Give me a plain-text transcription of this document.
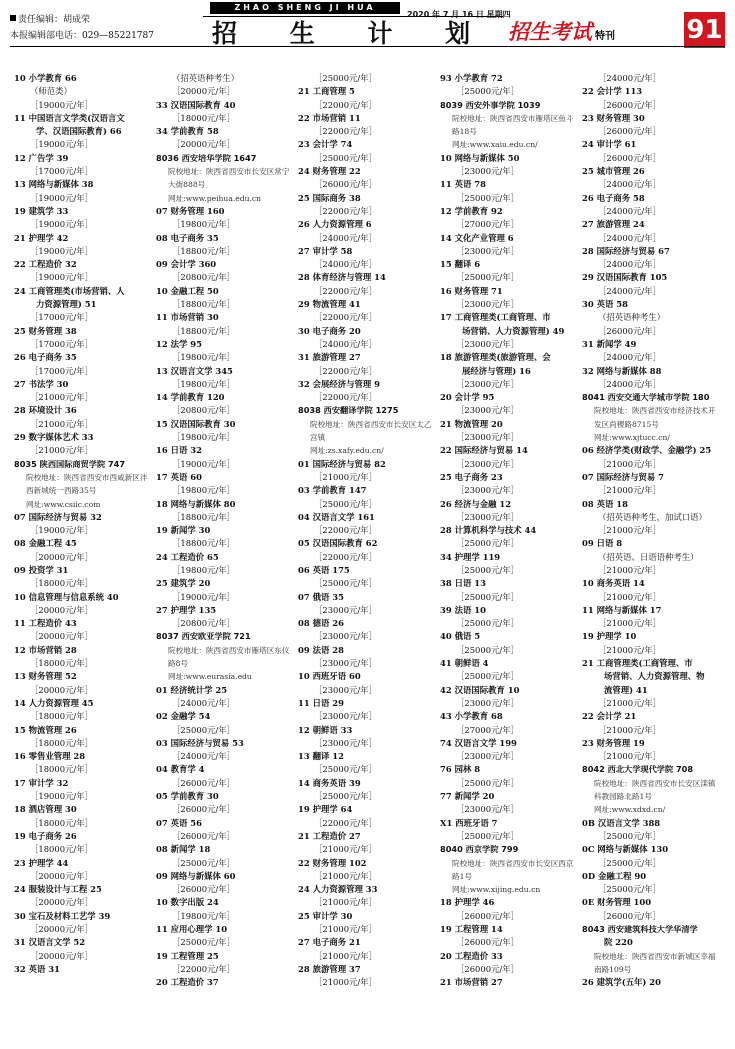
责任编辑：胡成荣
本报编辑部电话：029—85221787
ZHAO SHENG JI HUA
招 生 计 划
2020 年 7 月 16 日 星期四
招生考试 特刊	91
10 小学教育 66
（师范类）
［19000元/年］
11 中国语言文学类(汉语言文
学、汉语国际教育) 66
［19000元/年］
12 广告学 39
［17000元/年］
13 网络与新媒体 38
［19000元/年］
19 建筑学 33
［19000元/年］
21 护理学 42
［19000元/年］
22 工程造价 32
［19000元/年］
24 工商管理类(市场营销、人
力资源管理) 51
［17000元/年］
25 财务管理 38
［17000元/年］
26 电子商务 35
［17000元/年］
27 书法学 30
［21000元/年］
28 环境设计 36
［21000元/年］
29 数字媒体艺术 33
［21000元/年］
8035 陕西国际商贸学院 747
院校地址：陕西省西安市西咸新区沣西新城统一西路35号
网址:www.csiic.com
07 国际经济与贸易 32
［19000元/年］
08 金融工程 45
［20000元/年］
09 投资学 31
［18000元/年］
10 信息管理与信息系统 40
［20000元/年］
11 工程造价 43
［20000元/年］
12 市场营销 28
［18000元/年］
13 财务管理 52
［20000元/年］
14 人力资源管理 45
［18000元/年］
15 物流管理 26
［18000元/年］
16 零售业管理 28
［18000元/年］
17 审计学 32
［19000元/年］
18 酒店管理 30
［18000元/年］
19 电子商务 26
［18000元/年］
23 护理学 44
［20000元/年］
24 服装设计与工程 25
［20000元/年］
30 宝石及材料工艺学 39
［20000元/年］
31 汉语言文学 52
［20000元/年］
32 英语 31
（招英语种考生）
［20000元/年］
33 汉语国际教育 40
［18000元/年］
34 学前教育 58
［20000元/年］
8036 西安培华学院 1647
院校地址：陕西省西安市长安区常宁大街888号
网址:www.peihua.edu.cn
07 财务管理 160
［19800元/年］
08 电子商务 35
［18800元/年］
09 会计学 360
［20800元/年］
10 金融工程 50
［18800元/年］
11 市场营销 30
［18800元/年］
12 法学 95
［19800元/年］
13 汉语言文学 345
［19800元/年］
14 学前教育 120
［20800元/年］
15 汉语国际教育 30
［19800元/年］
16 日语 32
［19000元/年］
17 英语 60
［19800元/年］
18 网络与新媒体 80
［18800元/年］
19 新闻学 30
［18800元/年］
24 工程造价 65
［19800元/年］
25 建筑学 20
［19000元/年］
27 护理学 135
［20800元/年］
8037 西安欧亚学院 721
院校地址：陕西省西安市雁塔区东仪路8号
网址:www.eurasia.edu
01 经济统计学 25
［24000元/年］
02 金融学 54
［25000元/年］
03 国际经济与贸易 53
［24000元/年］
04 教育学 4
［26000元/年］
05 学前教育 30
［26000元/年］
07 英语 56
［26000元/年］
08 新闻学 18
［25000元/年］
09 网络与新媒体 60
［26000元/年］
10 数字出版 24
［19800元/年］
11 应用心理学 10
［25000元/年］
19 工程管理 25
［22000元/年］
20 工程造价 37
［25000元/年］
21 工商管理 5
［22000元/年］
22 市场营销 11
［22000元/年］
23 会计学 74
［25000元/年］
24 财务管理 22
［26000元/年］
25 国际商务 38
［22000元/年］
26 人力资源管理 6
［24000元/年］
27 审计学 58
［24000元/年］
28 体育经济与管理 14
［22000元/年］
29 物流管理 41
［22000元/年］
30 电子商务 20
［24000元/年］
31 旅游管理 27
［22000元/年］
32 会展经济与管理 9
［22000元/年］
8038 西安翻译学院 1275
院校地址：陕西省西安市长安区太乙宫镇
网址:zs.xafy.edu.cn/
01 国际经济与贸易 82
［21000元/年］
03 学前教育 147
［25000元/年］
04 汉语言文学 161
［22000元/年］
05 汉语国际教育 62
［22000元/年］
06 英语 175
［25000元/年］
07 俄语 35
［23000元/年］
08 德语 26
［23000元/年］
09 法语 28
［23000元/年］
10 西班牙语 60
［23000元/年］
11 日语 29
［23000元/年］
12 朝鲜语 33
［23000元/年］
13 翻译 12
［25000元/年］
14 商务英语 39
［25000元/年］
19 护理学 64
［22000元/年］
21 工程造价 27
［21000元/年］
22 财务管理 102
［21000元/年］
24 人力资源管理 33
［21000元/年］
25 审计学 30
［21000元/年］
27 电子商务 21
［21000元/年］
28 旅游管理 37
［21000元/年］
93 小学教育 72
［25000元/年］
8039 西安外事学院 1039
院校地址：陕西省西安市雁塔区鱼斗路18号
网址:www.xaiu.edu.cn/
10 网络与新媒体 50
［23000元/年］
11 英语 78
［25000元/年］
12 学前教育 92
［27000元/年］
14 文化产业管理 6
［23000元/年］
15 翻译 6
［25000元/年］
16 财务管理 71
［23000元/年］
17 工商管理类(工商管理、市
场营销、人力资源管理) 49
［23000元/年］
18 旅游管理类(旅游管理、会
展经济与管理) 16
［23000元/年］
20 会计学 95
［23000元/年］
21 物流管理 20
［23000元/年］
22 国际经济与贸易 14
［23000元/年］
25 电子商务 23
［23000元/年］
26 经济与金融 12
［23000元/年］
28 计算机科学与技术 44
［25000元/年］
34 护理学 119
［25000元/年］
38 日语 13
［25000元/年］
39 法语 10
［25000元/年］
40 俄语 5
［25000元/年］
41 朝鲜语 4
［25000元/年］
42 汉语国际教育 10
［23000元/年］
43 小学教育 68
［27000元/年］
74 汉语言文学 199
［23000元/年］
76 园林 8
［25000元/年］
77 新闻学 20
［23000元/年］
X1 西班牙语 7
［25000元/年］
8040 西京学院 799
院校地址：陕西省西安市长安区西京路1号
网址:www.xijing.edu.cn
18 护理学 46
［26000元/年］
19 工程管理 14
［26000元/年］
20 工程造价 33
［26000元/年］
21 市场营销 27
［24000元/年］
22 会计学 113
［26000元/年］
23 财务管理 30
［26000元/年］
24 审计学 61
［26000元/年］
25 城市管理 26
［24000元/年］
26 电子商务 58
［24000元/年］
27 旅游管理 24
［24000元/年］
28 国际经济与贸易 67
［24000元/年］
29 汉语国际教育 105
［24000元/年］
30 英语 58
（招英语种考生）
［26000元/年］
31 新闻学 49
［24000元/年］
32 网络与新媒体 88
［24000元/年］
8041 西安交通大学城市学院 180
院校地址：陕西省西安市经济技术开发区尚稷路8715号
网址:www.xjtucc.cn/
06 经济学类(财政学、金融学) 25
［21000元/年］
07 国际经济与贸易 7
［21000元/年］
08 英语 18
（招英语种考生，加试口语）
［21000元/年］
09 日语 8
（招英语、日语语种考生）
［21000元/年］
10 商务英语 14
［21000元/年］
11 网络与新媒体 17
［21000元/年］
19 护理学 10
［21000元/年］
21 工商管理类(工商管理、市
场营销、人力资源管理、物
流管理) 41
［21000元/年］
22 会计学 21
［21000元/年］
23 财务管理 19
［21000元/年］
8042 西北大学现代学院 708
院校地址：陕西省西安市长安区滦镇科教园路北路1号
网址:www.xdxd.cn/
0B 汉语言文学 388
［25000元/年］
0C 网络与新媒体 130
［25000元/年］
0D 金融工程 90
［25000元/年］
0E 财务管理 100
［26000元/年］
8043 西安建筑科技大学华清学
院 220
院校地址：陕西省西安市新城区幸福南路109号
26 建筑学(五年) 20
